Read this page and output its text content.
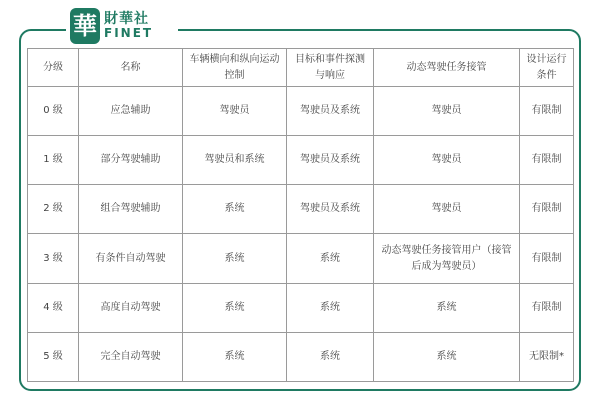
華 財華社
FINET
分级	名称	车辆横向和纵向运动控制	目标和事件探测与响应	动态驾驶任务接管	设计运行条件
0 级	应急辅助	驾驶员	驾驶员及系统	驾驶员	有限制
1 级	部分驾驶辅助	驾驶员和系统	驾驶员及系统	驾驶员	有限制
2 级	组合驾驶辅助	系统	驾驶员及系统	驾驶员	有限制
3 级	有条件自动驾驶	系统	系统	动态驾驶任务接管用户（接管后成为驾驶员）	有限制
4 级	高度自动驾驶	系统	系统	系统	有限制
5 级	完全自动驾驶	系统	系统	系统	无限制*
